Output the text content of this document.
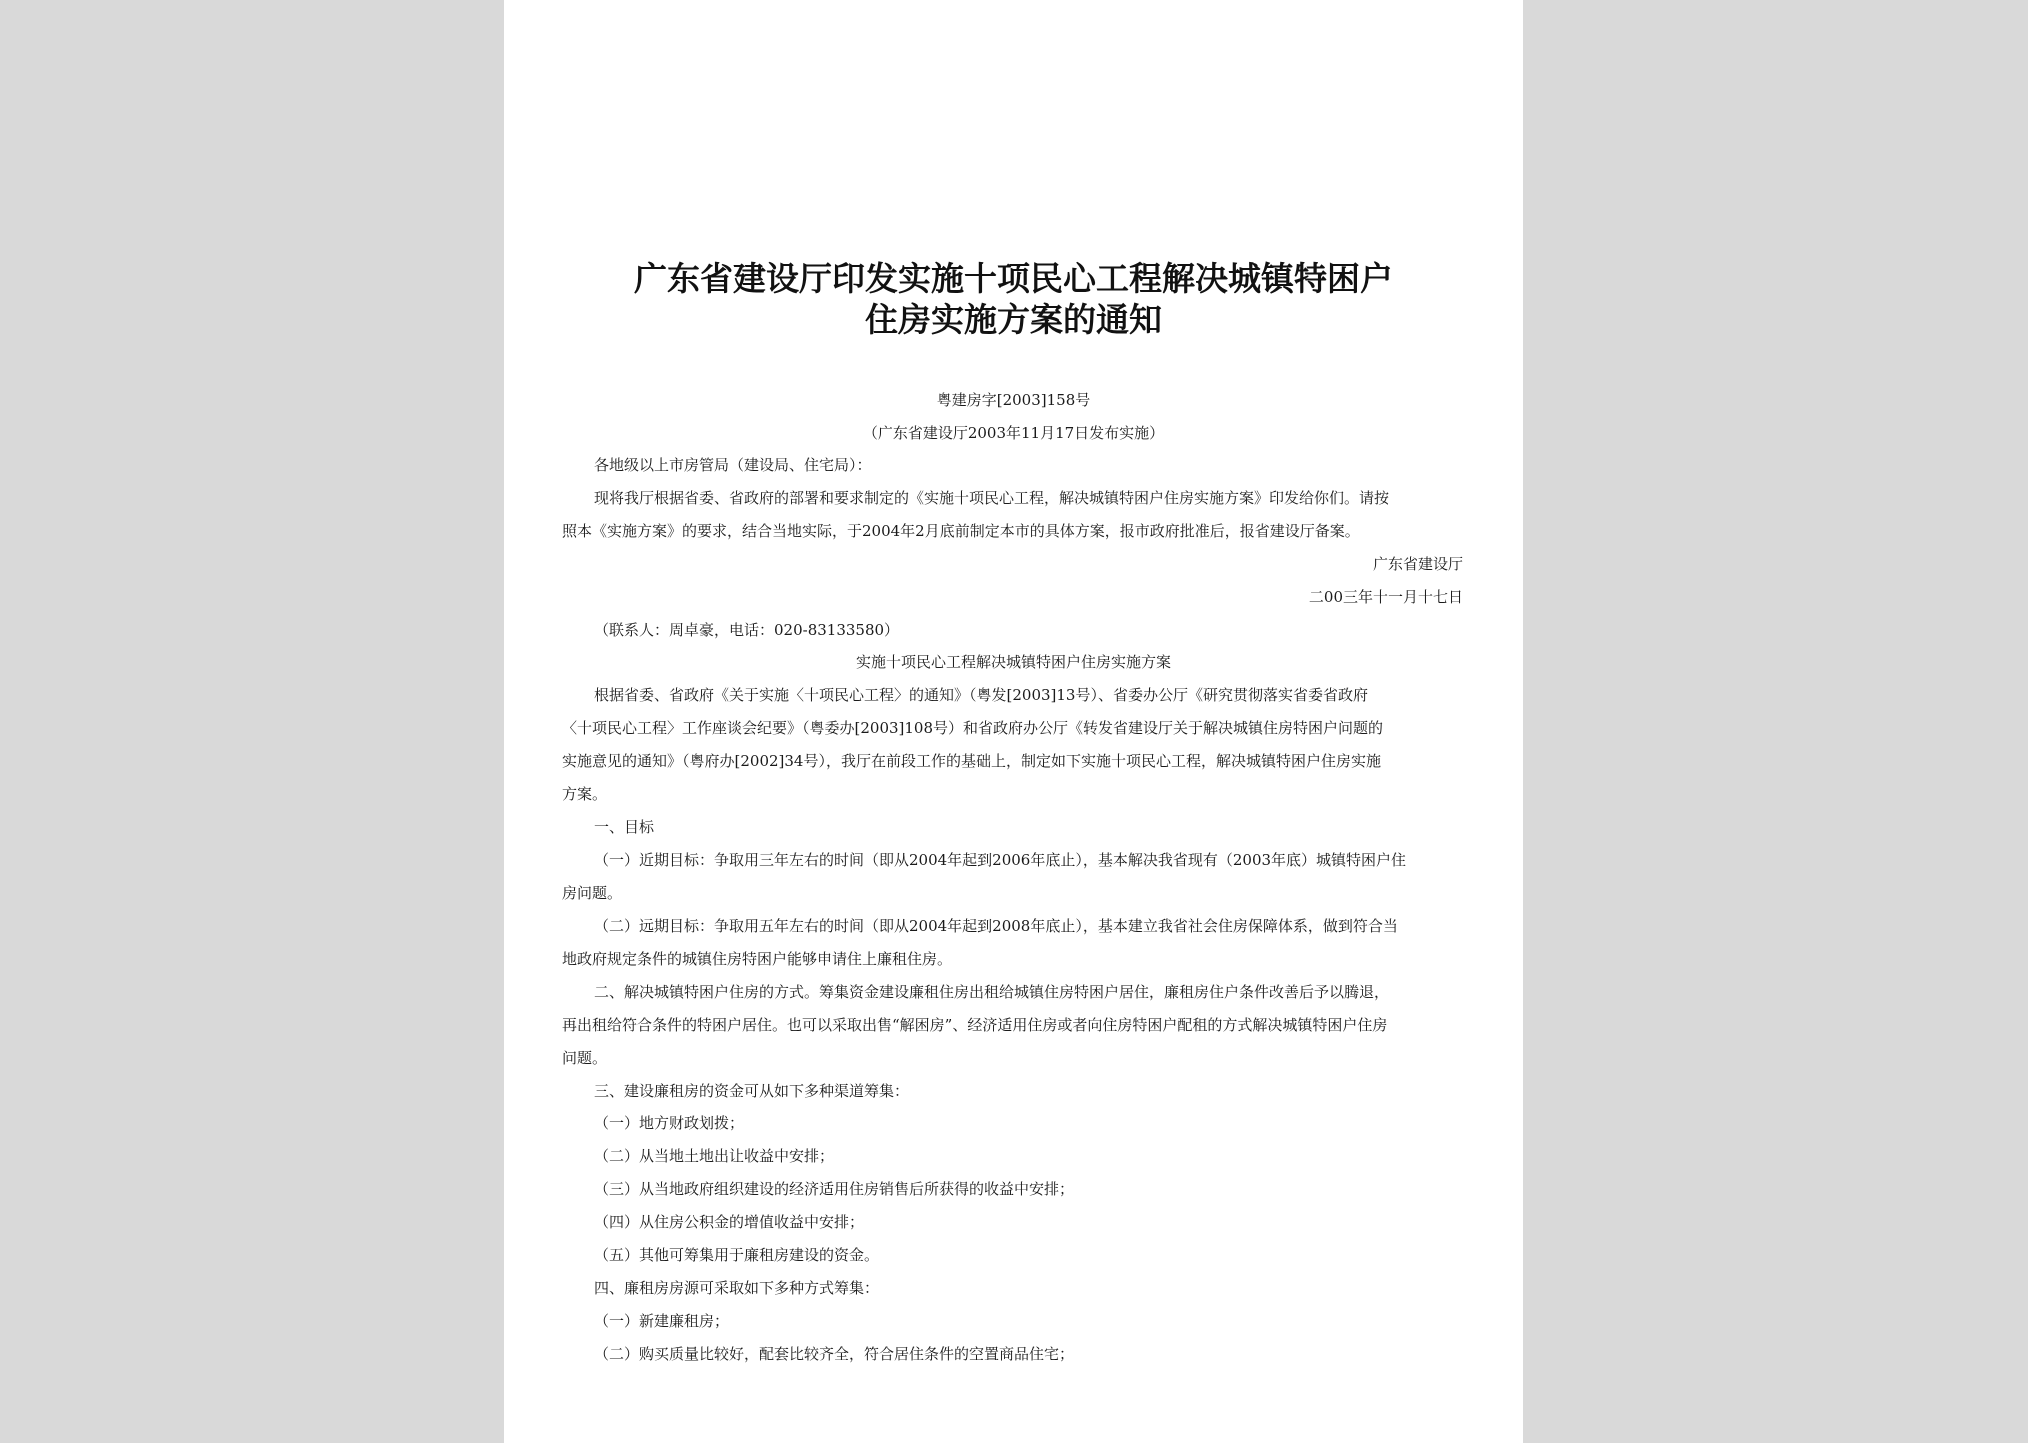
广东省建设厅印发实施十项民心工程解决城镇特困户
住房实施方案的通知
粤建房字[2003]158号
（广东省建设厅2003年11月17日发布实施）
各地级以上市房管局（建设局、住宅局）：
现将我厅根据省委、省政府的部署和要求制定的《实施十项民心工程，解决城镇特困户住房实施方案》印发给你们。请按
照本《实施方案》的要求，结合当地实际，于2004年2月底前制定本市的具体方案，报市政府批准后，报省建设厅备案。
广东省建设厅
二00三年十一月十七日
（联系人：周卓豪，电话：020-83133580）
实施十项民心工程解决城镇特困户住房实施方案
根据省委、省政府《关于实施〈十项民心工程〉的通知》（粤发[2003]13号）、省委办公厅《研究贯彻落实省委省政府
〈十项民心工程〉工作座谈会纪要》（粤委办[2003]108号）和省政府办公厅《转发省建设厅关于解决城镇住房特困户问题的
实施意见的通知》（粤府办[2002]34号），我厅在前段工作的基础上，制定如下实施十项民心工程，解决城镇特困户住房实施
方案。
一、目标
（一）近期目标：争取用三年左右的时间（即从2004年起到2006年底止），基本解决我省现有（2003年底）城镇特困户住
房问题。
（二）远期目标：争取用五年左右的时间（即从2004年起到2008年底止），基本建立我省社会住房保障体系，做到符合当
地政府规定条件的城镇住房特困户能够申请住上廉租住房。
二、解决城镇特困户住房的方式。筹集资金建设廉租住房出租给城镇住房特困户居住，廉租房住户条件改善后予以腾退，
再出租给符合条件的特困户居住。也可以采取出售“解困房”、经济适用住房或者向住房特困户配租的方式解决城镇特困户住房
问题。
三、建设廉租房的资金可从如下多种渠道筹集：
（一）地方财政划拨；
（二）从当地土地出让收益中安排；
（三）从当地政府组织建设的经济适用住房销售后所获得的收益中安排；
（四）从住房公积金的增值收益中安排；
（五）其他可筹集用于廉租房建设的资金。
四、廉租房房源可采取如下多种方式筹集：
（一）新建廉租房；
（二）购买质量比较好，配套比较齐全，符合居住条件的空置商品住宅；
